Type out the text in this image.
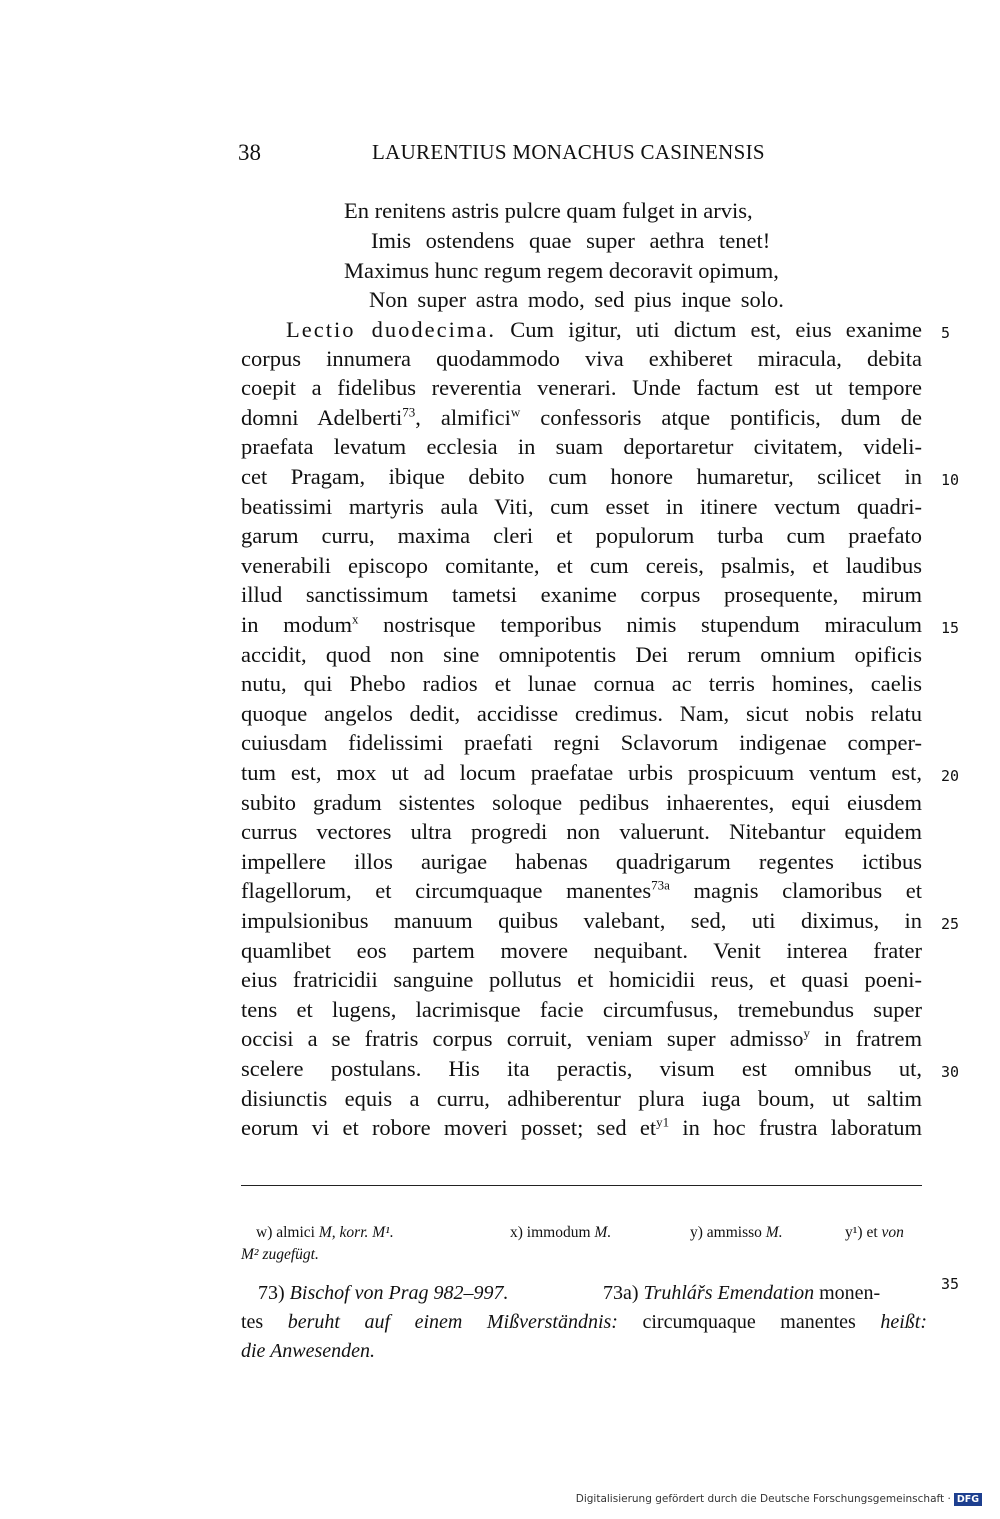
38	LAURENTIUS MONACHUS CASINENSIS
En renitens astris pulcre quam fulget in arvis,
Imis ostendens quae super aethra tenet!
Maximus hunc regum regem decoravit opimum,
Non super astra modo, sed pius inque solo.
Lectio duodecima. Cum igitur, uti dictum est, eius exanime
corpus innumera quodammodo viva exhiberet miracula, debita
coepit a fidelibus reverentia venerari. Unde factum est ut tempore
domni Adelberti$^{73}$, almifici$^w$ confessoris atque pontificis, dum de
praefata levatum ecclesia in suam deportaretur civitatem, videli-
cet Pragam, ibique debito cum honore humaretur, scilicet in
beatissimi martyris aula Viti, cum esset in itinere vectum quadri-
garum curru, maxima cleri et populorum turba cum praefato
venerabili episcopo comitante, et cum cereis, psalmis, et laudibus
illud sanctissimum tametsi exanime corpus prosequente, mirum
in modum$^x$ nostrisque temporibus nimis stupendum miraculum
accidit, quod non sine omnipotentis Dei rerum omnium opificis
nutu, qui Phebo radios et lunae cornua ac terris homines, caelis
quoque angelos dedit, accidisse credimus. Nam, sicut nobis relatu
cuiusdam fidelissimi praefati regni Sclavorum indigenae comper-
tum est, mox ut ad locum praefatae urbis prospicuum ventum est,
subito gradum sistentes soloque pedibus inhaerentes, equi eiusdem
currus vectores ultra progredi non valuerunt. Nitebantur equidem
impellere illos aurigae habenas quadrigarum regentes ictibus
flagellorum, et circumquaque manentes$^{73a}$ magnis clamoribus et
impulsionibus manuum quibus valebant, sed, uti diximus, in
quamlibet eos partem movere nequibant. Venit interea frater
eius fratricidii sanguine pollutus et homicidii reus, et quasi poeni-
tens et lugens, lacrimisque facie circumfusus, tremebundus super
occisi a se fratris corpus corruit, veniam super admisso$^y$ in fratrem
scelere postulans. His ita peractis, visum est omnibus ut,
disiunctis equis a curru, adhiberentur plura iuga boum, ut saltim
eorum vi et robore moveri posset; sed $et^{y1}$ in hoc frustra laboratum
5
10
15
20
25
30
35
w) almici M, korr. M¹.	x) immodum M.	y) ammisso M.	y¹) et von
M² zugefügt.
73) Bischof von Prag 982–997.	73a) Truhlářs Emendation monen-
tes beruht auf einem Mißverständnis: circumquaque manentes heißt:
die Anwesenden.
Digitalisierung gefördert durch die Deutsche Forschungsgemeinschaft · DFG
